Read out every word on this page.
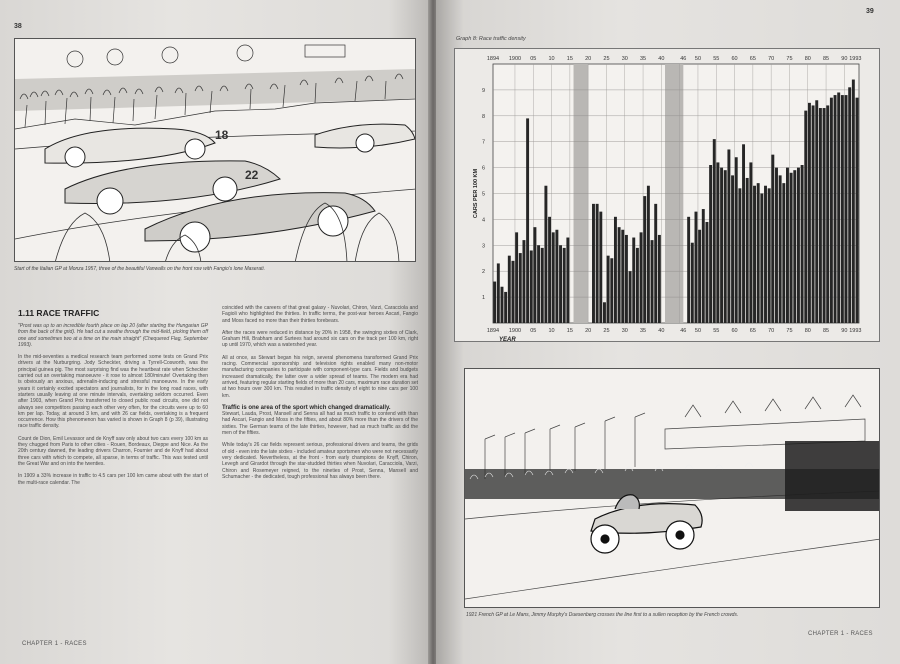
38
22
18
Start of the Italian GP at Monza 1957, three of the beautiful Vanwalls on the front row with Fangio's lone Maserati.
1.11 RACE TRAFFIC

"Prost was up to an incredible fourth place on lap 20 (after starting the Hungarian GP from the back of the grid). He had cut a swathe through the mid-field, picking them off one and sometimes two at a time on the main straight" (Chequered Flag, September 1993).

In the mid-seventies a medical research team performed some tests on Grand Prix drivers at the Nurburgring. Jody Scheckter, driving a Tyrrell-Cosworth, was the principal guinea pig. The most surprising find was the heartbeat rate when Scheckter carried out an overtaking manoeuvre - it rose to almost 180/minute! Overtaking then is obviously an anxious, adrenalin-inducing and stressful manoeuvre. In the early years it certainly excited spectators and journalists, for in the long road races, with starters usually leaving at one minute intervals, overtaking seldom occurred. Even after 1903, when Grand Prix transferred to closed public road circuits, one did not always see competitors passing each other very often, for the circuits were up to 60 km per lap. Today, at around 3 km, and with 26 car fields, overtaking is a frequent occurrence. How this phenomenon has varied is shown in Graph 8 (p 39), illustrating race traffic density.

Count de Dion, Emil Levassor and de Knyff saw only about two cars every 100 km as they chugged from Paris to other cities - Rouen, Bordeaux, Dieppe and Nice. As the 20th century dawned, the leading drivers Charron, Fournier and de Knyff had about three cars with which to compete, all sparse, in terms of traffic. This was tested until the Great War and on into the twenties.

In 1909 a 33% increase in traffic to 4.5 cars per 100 km came about with the start of the multi-race calendar. The

coincided with the careers of that great galaxy - Nuvolari, Chiron, Varzi, Caracciola and Fagioli who highlighted the thirties. In traffic terms, the post-war heroes Ascari, Fangio and Moss faced no more than their thirties forebears.

After the races were reduced in distance by 20% in 1958, the swinging sixties of Clark, Graham Hill, Brabham and Surtees had around six cars on the track per 100 km, right up until 1970, which was a watershed year.

All at once, as Stewart began his reign, several phenomena transformed Grand Prix racing. Commercial sponsorship and television rights enabled many non-motor manufacturing companies to participate with component-type cars. Fields and budgets increased dramatically, the latter over a wider spread of teams. The modern era had arrived, featuring regular starting fields of more than 20 cars, maximum race duration set at two hours over 300 km. This resulted in traffic density of eight to nine cars per 100 km.

Traffic is one area of the sport which changed dramatically.

Stewart, Lauda, Prost, Mansell and Senna all had as much traffic to contend with than had Ascari, Fangio and Moss in the fifties, and about 80% more than the drivers of the sixties. The German teams of the late thirties, however, had as much traffic as did the men of the fifties.

While today's 26 car fields represent serious, professional drivers and teams, the grids of old - even into the late sixties - included amateur sportsmen who were not necessarily very dedicated. Nevertheless, at the front - from early champions de Knyff, Chiron, Levegh and Girardot through the star-studded thirties when Nuvolari, Caracciola, Varzi, Chiron and Rosemeyer reigned, to the nineties of Prost, Senna, Mansell and Schumacher - the dedicated, tough professional has always been there.

CHAPTER 1 - RACES
39
Graph 8: Race traffic density
1
2
3
4
5
6
7
8
9
1894 1900 05 10 15 20 25 30 35 40	46 50 55 60 65 70 75 80 85 90 1993
1894 1900 05 10 15 20 25 30 35 40	46 50 55 60 65 70 75 80 85 90 1993
CARS PER 100 KM
YEAR
1921 French GP at Le Mans, Jimmy Murphy's Duesenberg crosses the line first to a sullen reception by the French crowds.
CHAPTER 1 - RACES
